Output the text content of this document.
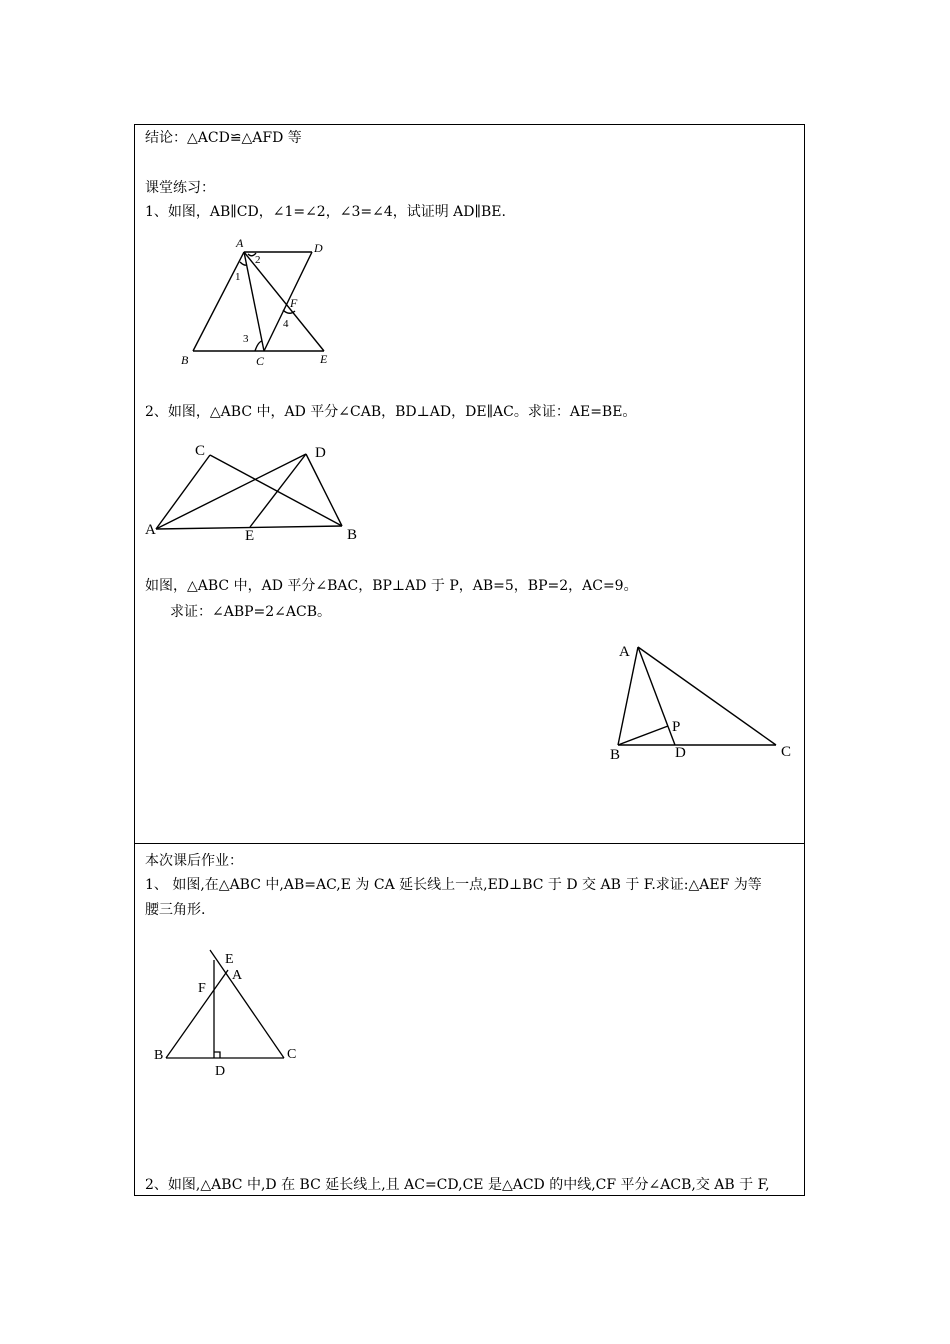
结论：△ACD≌△AFD 等
课堂练习：
1、如图，AB∥CD，∠1=∠2，∠3=∠4，试证明 AD∥BE.
2、如图，△ABC 中，AD 平分∠CAB，BD⊥AD，DE∥AC。求证：AE=BE。
如图，△ABC 中，AD 平分∠BAC，BP⊥AD 于 P，AB=5，BP=2，AC=9。
求证：∠ABP=2∠ACB。
本次课后作业：
1、 如图,在△ABC 中,AB=AC,E 为 CA 延长线上一点,ED⊥BC 于 D 交 AB 于 F.求证:△AEF 为等
腰三角形.
2、如图,△ABC 中,D 在 BC 延长线上,且 AC=CD,CE 是△ACD 的中线,CF 平分∠ACB,交 AB 于 F,
A	D
B	C	E
F
1
2
3
4
C	D
A	E	B
A
P
B	D	C
E
A
F
B	C
D
